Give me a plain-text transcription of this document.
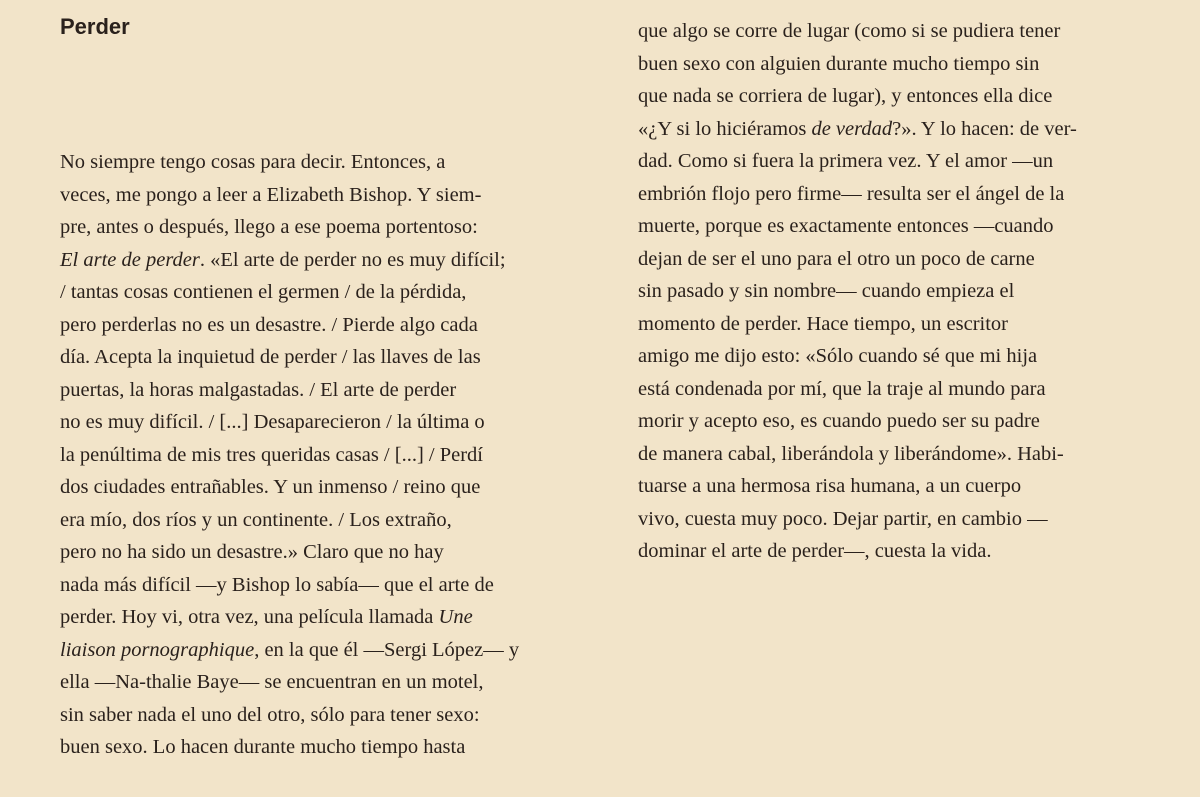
Perder
No siempre tengo cosas para decir. Entonces, a
veces, me pongo a leer a Elizabeth Bishop. Y siem-
pre, antes o después, llego a ese poema portentoso:
El arte de perder. «El arte de perder no es muy difícil;
/ tantas cosas contienen el germen / de la pérdida,
pero perderlas no es un desastre. / Pierde algo cada
día. Acepta la inquietud de perder / las llaves de las
puertas, la horas malgastadas. / El arte de perder
no es muy difícil. / [...] Desaparecieron / la última o
la penúltima de mis tres queridas casas / [...] / Perdí
dos ciudades entrañables. Y un inmenso / reino que
era mío, dos ríos y un continente. / Los extraño,
pero no ha sido un desastre.» Claro que no hay
nada más difícil —y Bishop lo sabía— que el arte de
perder. Hoy vi, otra vez, una película llamada Une
liaison pornographique, en la que él —Sergi López— y
ella —Na-thalie Baye— se encuentran en un motel,
sin saber nada el uno del otro, sólo para tener sexo:
buen sexo. Lo hacen durante mucho tiempo hasta
que algo se corre de lugar (como si se pudiera tener
buen sexo con alguien durante mucho tiempo sin
que nada se corriera de lugar), y entonces ella dice
«¿Y si lo hiciéramos de verdad?». Y lo hacen: de ver-
dad. Como si fuera la primera vez. Y el amor —un
embrión flojo pero firme— resulta ser el ángel de la
muerte, porque es exactamente entonces —cuando
dejan de ser el uno para el otro un poco de carne
sin pasado y sin nombre— cuando empieza el
momento de perder. Hace tiempo, un escritor
amigo me dijo esto: «Sólo cuando sé que mi hija
está condenada por mí, que la traje al mundo para
morir y acepto eso, es cuando puedo ser su padre
de manera cabal, liberándola y liberándome». Habi-
tuarse a una hermosa risa humana, a un cuerpo
vivo, cuesta muy poco. Dejar partir, en cambio —
dominar el arte de perder—, cuesta la vida.
